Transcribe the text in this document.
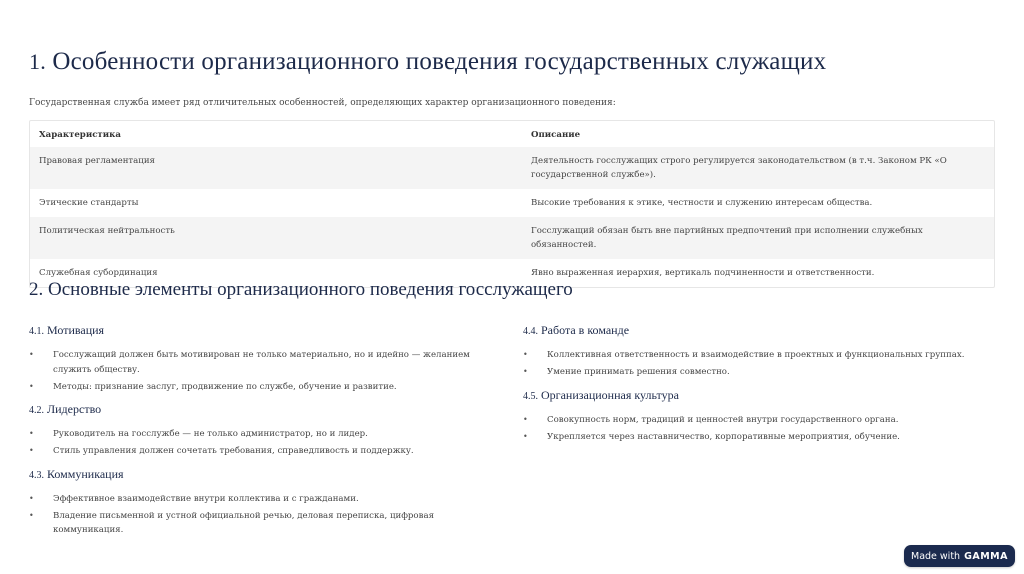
1. Особенности организационного поведения государственных служащих
Государственная служба имеет ряд отличительных особенностей, определяющих характер организационного поведения:
Характеристика	Описание
Правовая регламентация	Деятельность госслужащих строго регулируется законодательством (в т.ч. Законом РК «О государственной службе»).
Этические стандарты	Высокие требования к этике, честности и служению интересам общества.
Политическая нейтральность	Госслужащий обязан быть вне партийных предпочтений при исполнении служебных обязанностей.
Служебная субординация	Явно выраженная иерархия, вертикаль подчиненности и ответственности.
2. Основные элементы организационного поведения госслужащего
4.1. Мотивация
• Госслужащий должен быть мотивирован не только материально, но и идейно — желанием служить обществу.
• Методы: признание заслуг, продвижение по службе, обучение и развитие.
4.2. Лидерство
• Руководитель на госслужбе — не только администратор, но и лидер.
• Стиль управления должен сочетать требования, справедливость и поддержку.
4.3. Коммуникация
• Эффективное взаимодействие внутри коллектива и с гражданами.
• Владение письменной и устной официальной речью, деловая переписка, цифровая коммуникация.
4.4. Работа в команде
• Коллективная ответственность и взаимодействие в проектных и функциональных группах.
• Умение принимать решения совместно.
4.5. Организационная культура
• Совокупность норм, традиций и ценностей внутри государственного органа.
• Укрепляется через наставничество, корпоративные мероприятия, обучение.
Made with GAMMA
